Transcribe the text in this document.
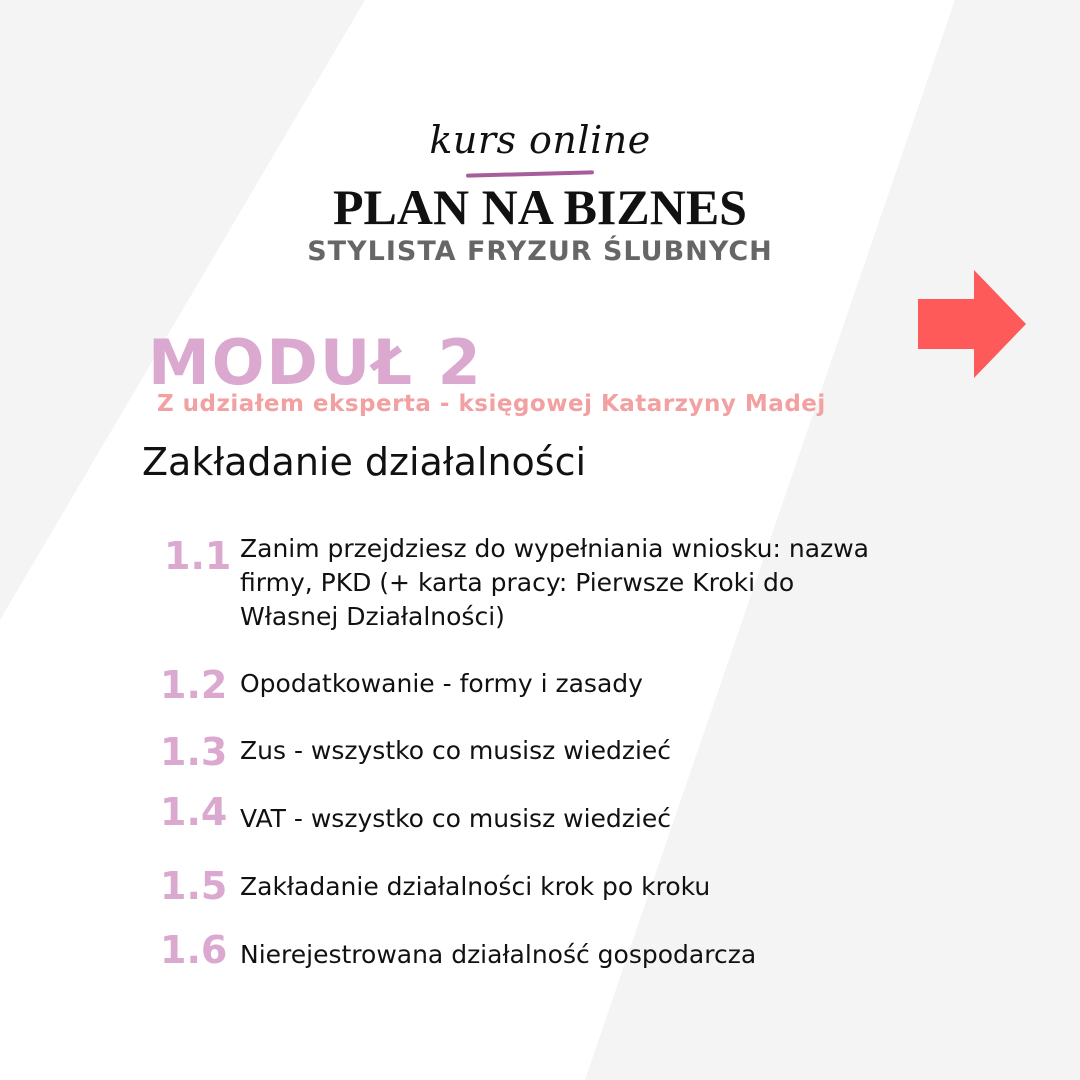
kurs online
PLAN NA BIZNES
STYLISTA FRYZUR ŚLUBNYCH
MODUŁ 2
Z udziałem eksperta - księgowej Katarzyny Madej
Zakładanie działalności
1.1 Zanim przejdziesz do wypełniania wniosku: nazwa firmy, PKD (+ karta pracy: Pierwsze Kroki do Własnej Działalności)
1.2 Opodatkowanie - formy i zasady
1.3 Zus - wszystko co musisz wiedzieć
1.4 VAT - wszystko co musisz wiedzieć
1.5 Zakładanie działalności krok po kroku
1.6 Nierejestrowana działalność gospodarcza
